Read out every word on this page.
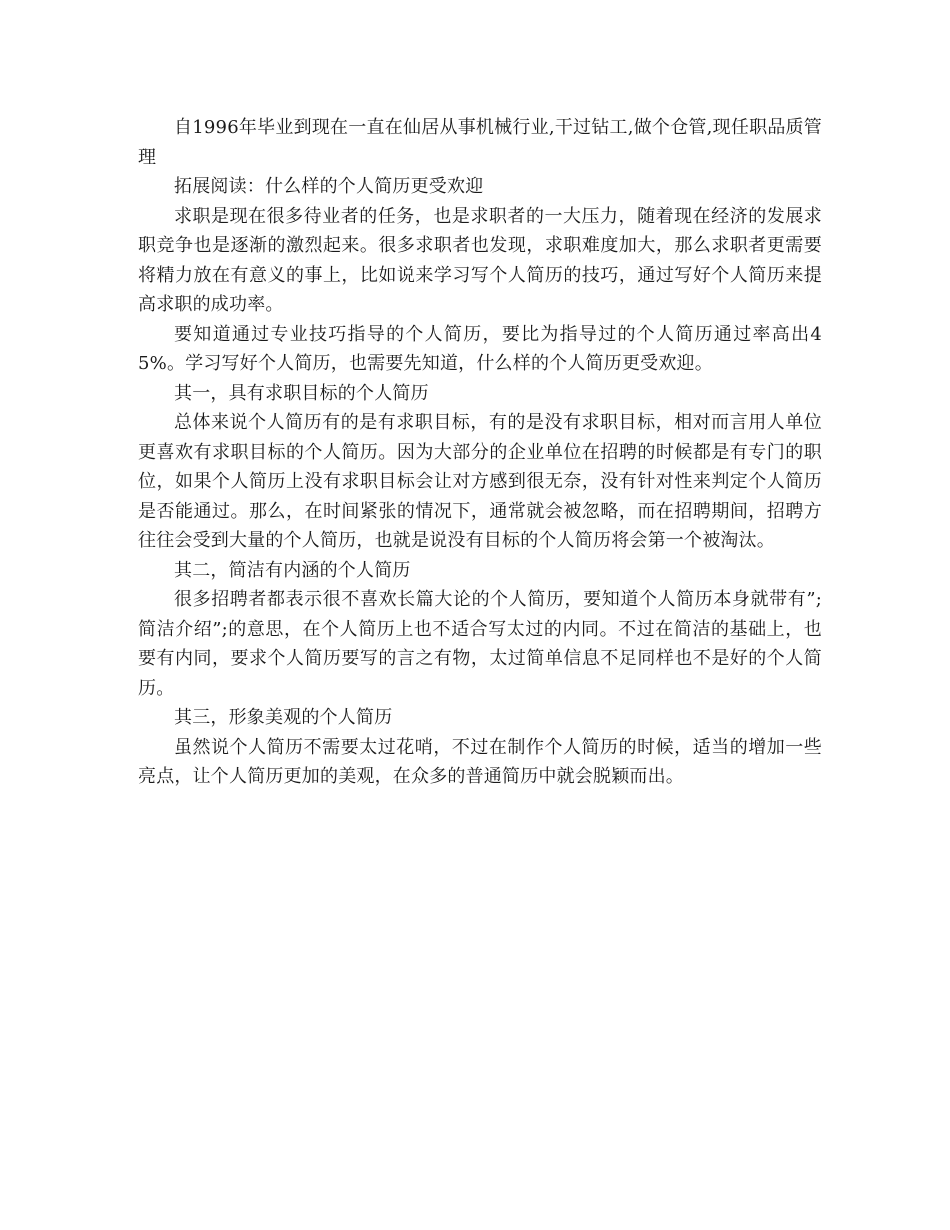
自1996年毕业到现在一直在仙居从事机械行业,干过钻工,做个仓管,现任职品质管理

拓展阅读：什么样的个人简历更受欢迎

求职是现在很多待业者的任务，也是求职者的一大压力，随着现在经济的发展求职竞争也是逐渐的激烈起来。很多求职者也发现，求职难度加大，那么求职者更需要将精力放在有意义的事上，比如说来学习写个人简历的技巧，通过写好个人简历来提高求职的成功率。

要知道通过专业技巧指导的个人简历，要比为指导过的个人简历通过率高出45%。学习写好个人简历，也需要先知道，什么样的个人简历更受欢迎。

其一，具有求职目标的个人简历

总体来说个人简历有的是有求职目标，有的是没有求职目标，相对而言用人单位更喜欢有求职目标的个人简历。因为大部分的企业单位在招聘的时候都是有专门的职位，如果个人简历上没有求职目标会让对方感到很无奈，没有针对性来判定个人简历是否能通过。那么，在时间紧张的情况下，通常就会被忽略，而在招聘期间，招聘方往往会受到大量的个人简历，也就是说没有目标的个人简历将会第一个被淘汰。

其二，简洁有内涵的个人简历

很多招聘者都表示很不喜欢长篇大论的个人简历，要知道个人简历本身就带有”;简洁介绍”;的意思，在个人简历上也不适合写太过的内同。不过在简洁的基础上，也要有内同，要求个人简历要写的言之有物，太过简单信息不足同样也不是好的个人简历。

其三，形象美观的个人简历

虽然说个人简历不需要太过花哨，不过在制作个人简历的时候，适当的增加一些亮点，让个人简历更加的美观，在众多的普通简历中就会脱颖而出。
